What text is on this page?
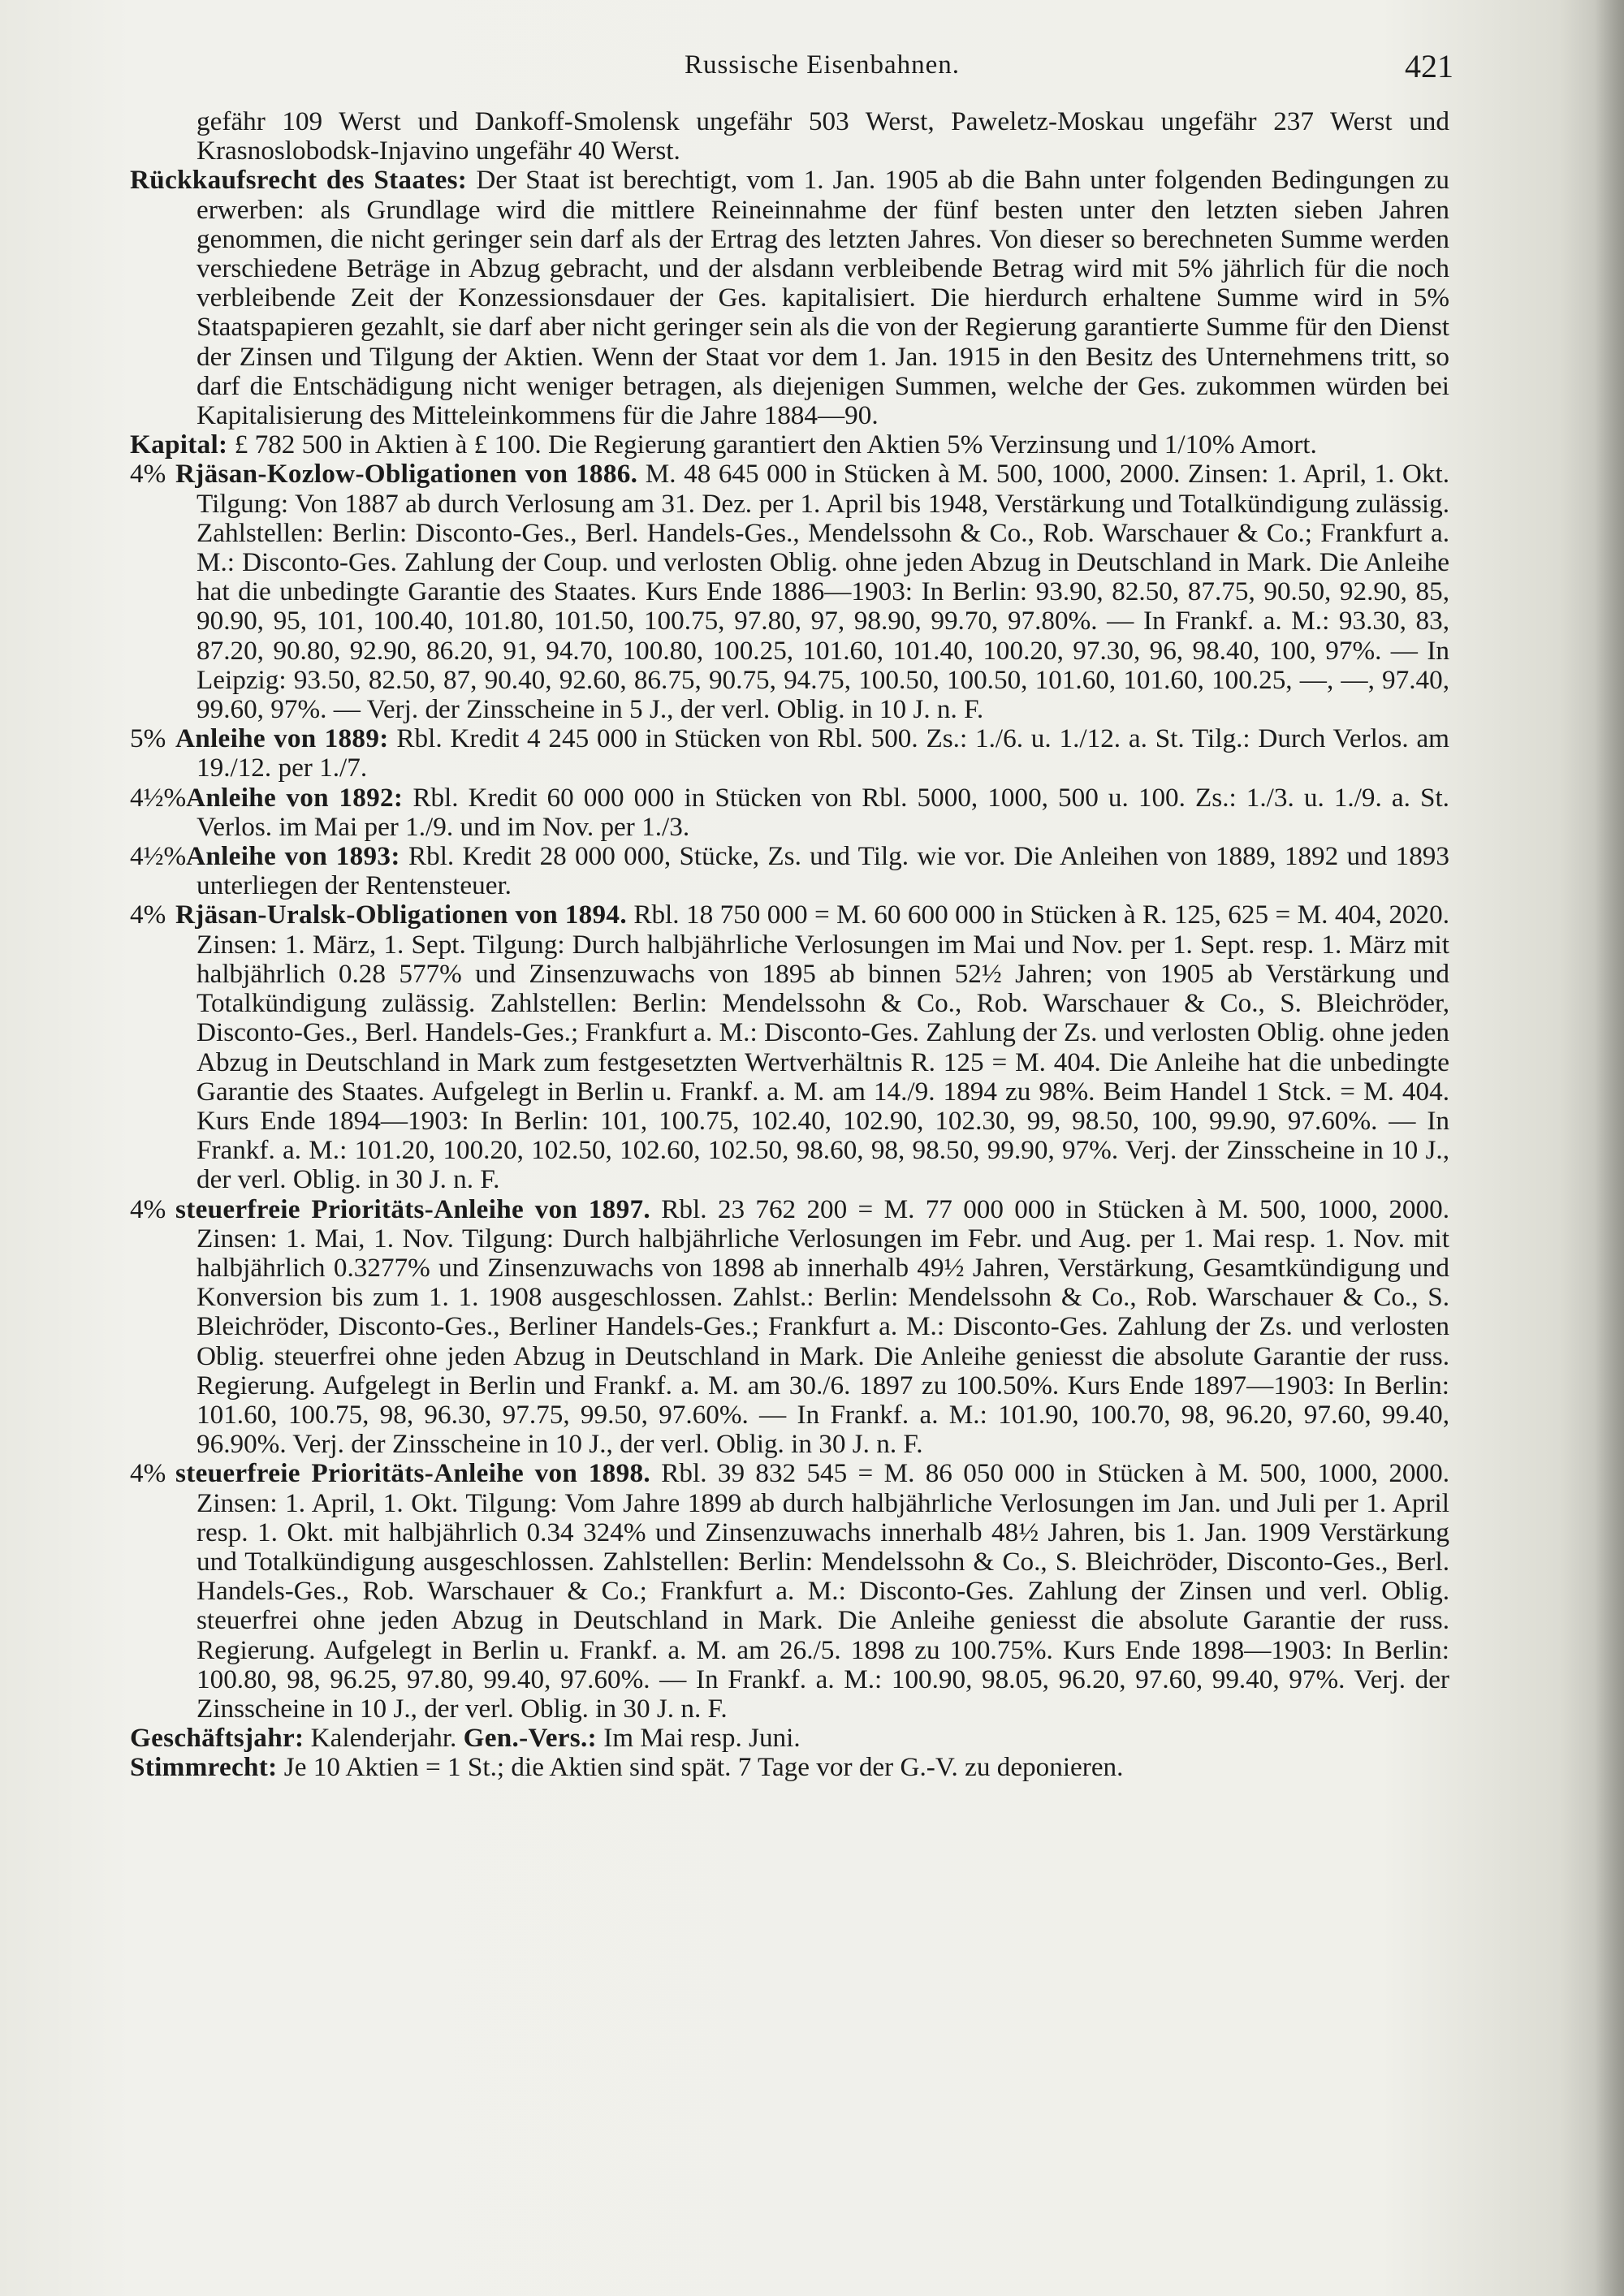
Russische Eisenbahnen.	421

gefähr 109 Werst und Dankoff-Smolensk ungefähr 503 Werst, Paweletz-Moskau ungefähr 237 Werst und Krasnoslobodsk-Injavino ungefähr 40 Werst.

Rückkaufsrecht des Staates: Der Staat ist berechtigt, vom 1. Jan. 1905 ab die Bahn unter folgenden Bedingungen zu erwerben: als Grundlage wird die mittlere Reineinnahme der fünf besten unter den letzten sieben Jahren genommen, die nicht geringer sein darf als der Ertrag des letzten Jahres. Von dieser so berechneten Summe werden verschiedene Beträge in Abzug gebracht, und der alsdann verbleibende Betrag wird mit 5% jährlich für die noch verbleibende Zeit der Konzessionsdauer der Ges. kapitalisiert. Die hierdurch erhaltene Summe wird in 5% Staatspapieren gezahlt, sie darf aber nicht geringer sein als die von der Regierung garantierte Summe für den Dienst der Zinsen und Tilgung der Aktien. Wenn der Staat vor dem 1. Jan. 1915 in den Besitz des Unternehmens tritt, so darf die Entschädigung nicht weniger betragen, als diejenigen Summen, welche der Ges. zukommen würden bei Kapitalisierung des Mitteleinkommens für die Jahre 1884—90.

Kapital: £ 782 500 in Aktien à £ 100. Die Regierung garantiert den Aktien 5% Verzinsung und 1/10% Amort.

4% Rjäsan-Kozlow-Obligationen von 1886. M. 48 645 000 in Stücken à M. 500, 1000, 2000. Zinsen: 1. April, 1. Okt. Tilgung: Von 1887 ab durch Verlosung am 31. Dez. per 1. April bis 1948, Verstärkung und Totalkündigung zulässig. Zahlstellen: Berlin: Disconto-Ges., Berl. Handels-Ges., Mendelssohn & Co., Rob. Warschauer & Co.; Frankfurt a. M.: Disconto-Ges. Zahlung der Coup. und verlosten Oblig. ohne jeden Abzug in Deutschland in Mark. Die Anleihe hat die unbedingte Garantie des Staates. Kurs Ende 1886—1903: In Berlin: 93.90, 82.50, 87.75, 90.50, 92.90, 85, 90.90, 95, 101, 100.40, 101.80, 101.50, 100.75, 97.80, 97, 98.90, 99.70, 97.80%. — In Frankf. a. M.: 93.30, 83, 87.20, 90.80, 92.90, 86.20, 91, 94.70, 100.80, 100.25, 101.60, 101.40, 100.20, 97.30, 96, 98.40, 100, 97%. — In Leipzig: 93.50, 82.50, 87, 90.40, 92.60, 86.75, 90.75, 94.75, 100.50, 100.50, 101.60, 101.60, 100.25, —, —, 97.40, 99.60, 97%. — Verj. der Zinsscheine in 5 J., der verl. Oblig. in 10 J. n. F.

5% Anleihe von 1889: Rbl. Kredit 4 245 000 in Stücken von Rbl. 500. Zs.: 1./6. u. 1./12. a. St. Tilg.: Durch Verlos. am 19./12. per 1./7.

4½%Anleihe von 1892: Rbl. Kredit 60 000 000 in Stücken von Rbl. 5000, 1000, 500 u. 100. Zs.: 1./3. u. 1./9. a. St. Verlos. im Mai per 1./9. und im Nov. per 1./3.

4½%Anleihe von 1893: Rbl. Kredit 28 000 000, Stücke, Zs. und Tilg. wie vor. Die Anleihen von 1889, 1892 und 1893 unterliegen der Rentensteuer.

4% Rjäsan-Uralsk-Obligationen von 1894. Rbl. 18 750 000 = M. 60 600 000 in Stücken à R. 125, 625 = M. 404, 2020. Zinsen: 1. März, 1. Sept. Tilgung: Durch halbjährliche Verlosungen im Mai und Nov. per 1. Sept. resp. 1. März mit halbjährlich 0.28 577% und Zinsenzuwachs von 1895 ab binnen 52½ Jahren; von 1905 ab Verstärkung und Totalkündigung zulässig. Zahlstellen: Berlin: Mendelssohn & Co., Rob. Warschauer & Co., S. Bleichröder, Disconto-Ges., Berl. Handels-Ges.; Frankfurt a. M.: Disconto-Ges. Zahlung der Zs. und verlosten Oblig. ohne jeden Abzug in Deutschland in Mark zum festgesetzten Wertverhältnis R. 125 = M. 404. Die Anleihe hat die unbedingte Garantie des Staates. Aufgelegt in Berlin u. Frankf. a. M. am 14./9. 1894 zu 98%. Beim Handel 1 Stck. = M. 404. Kurs Ende 1894—1903: In Berlin: 101, 100.75, 102.40, 102.90, 102.30, 99, 98.50, 100, 99.90, 97.60%. — In Frankf. a. M.: 101.20, 100.20, 102.50, 102.60, 102.50, 98.60, 98, 98.50, 99.90, 97%. Verj. der Zinsscheine in 10 J., der verl. Oblig. in 30 J. n. F.

4% steuerfreie Prioritäts-Anleihe von 1897. Rbl. 23 762 200 = M. 77 000 000 in Stücken à M. 500, 1000, 2000. Zinsen: 1. Mai, 1. Nov. Tilgung: Durch halbjährliche Verlosungen im Febr. und Aug. per 1. Mai resp. 1. Nov. mit halbjährlich 0.3277% und Zinsenzuwachs von 1898 ab innerhalb 49½ Jahren, Verstärkung, Gesamtkündigung und Konversion bis zum 1. 1. 1908 ausgeschlossen. Zahlst.: Berlin: Mendelssohn & Co., Rob. Warschauer & Co., S. Bleichröder, Disconto-Ges., Berliner Handels-Ges.; Frankfurt a. M.: Disconto-Ges. Zahlung der Zs. und verlosten Oblig. steuerfrei ohne jeden Abzug in Deutschland in Mark. Die Anleihe geniesst die absolute Garantie der russ. Regierung. Aufgelegt in Berlin und Frankf. a. M. am 30./6. 1897 zu 100.50%. Kurs Ende 1897—1903: In Berlin: 101.60, 100.75, 98, 96.30, 97.75, 99.50, 97.60%. — In Frankf. a. M.: 101.90, 100.70, 98, 96.20, 97.60, 99.40, 96.90%. Verj. der Zinsscheine in 10 J., der verl. Oblig. in 30 J. n. F.

4% steuerfreie Prioritäts-Anleihe von 1898. Rbl. 39 832 545 = M. 86 050 000 in Stücken à M. 500, 1000, 2000. Zinsen: 1. April, 1. Okt. Tilgung: Vom Jahre 1899 ab durch halbjährliche Verlosungen im Jan. und Juli per 1. April resp. 1. Okt. mit halbjährlich 0.34 324% und Zinsenzuwachs innerhalb 48½ Jahren, bis 1. Jan. 1909 Verstärkung und Totalkündigung ausgeschlossen. Zahlstellen: Berlin: Mendelssohn & Co., S. Bleichröder, Disconto-Ges., Berl. Handels-Ges., Rob. Warschauer & Co.; Frankfurt a. M.: Disconto-Ges. Zahlung der Zinsen und verl. Oblig. steuerfrei ohne jeden Abzug in Deutschland in Mark. Die Anleihe geniesst die absolute Garantie der russ. Regierung. Aufgelegt in Berlin u. Frankf. a. M. am 26./5. 1898 zu 100.75%. Kurs Ende 1898—1903: In Berlin: 100.80, 98, 96.25, 97.80, 99.40, 97.60%. — In Frankf. a. M.: 100.90, 98.05, 96.20, 97.60, 99.40, 97%. Verj. der Zinsscheine in 10 J., der verl. Oblig. in 30 J. n. F.

Geschäftsjahr: Kalenderjahr. Gen.-Vers.: Im Mai resp. Juni.

Stimmrecht: Je 10 Aktien = 1 St.; die Aktien sind spät. 7 Tage vor der G.-V. zu deponieren.
